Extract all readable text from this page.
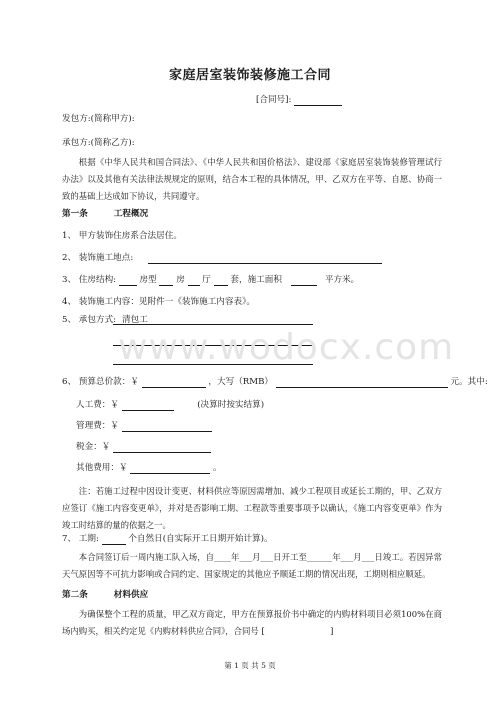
家庭居室装饰装修施工合同
[合同号]:
发包方:(简称甲方):
承包方:(简称乙方):
根据《中华人民共和国合同法》、《中华人民共和国价格法》、建设部《家庭居室装饰装修管理试行办法》以及其他有关法律法规规定的原则，结合本工程的具体情况，甲、乙双方在平等、自愿、协商一致的基础上达成如下协议，共同遵守。
第一条	工程概况
1、 甲方装饰住房系合法居住。
2、 装饰施工地点:
3、 住房结构:	房型 房 厅 套，施工面积	平方米。
4、 装饰施工内容：见附件一《装饰施工内容表》。
5、 承包方式: 清包工
www.wodocx.com
6、 预算总价款：￥	，大写（RMB）	元。其中:
人工费：￥	(决算时按实结算)
管理费：￥
税金：￥
其他费用：￥	。
注：若施工过程中因设计变更、材料供应等原因需增加、减少工程项目或延长工期的，甲、乙双方应签订《施工内容变更单》，并对是否影响工期、工程款等重要事项予以确认，《施工内容变更单》作为竣工时结算的量的依据之一。
7、 工期:	个自然日(自实际开工日期开始计算)。
本合同签订后一周内施工队入场，自____年___月___日开工至______年___月___日竣工。若因异常天气原因等不可抗力影响或合同约定、国家规定的其他应予顺延工期的情况出现，工期则相应顺延。
第二条	材料供应
为确保整个工程的质量，甲乙双方商定，甲方在预算报价书中确定的内购材料项目必须100%在商场内购买，相关约定见《内购材料供应合同》，合同号 [	]
第 1 页 共 5 页
